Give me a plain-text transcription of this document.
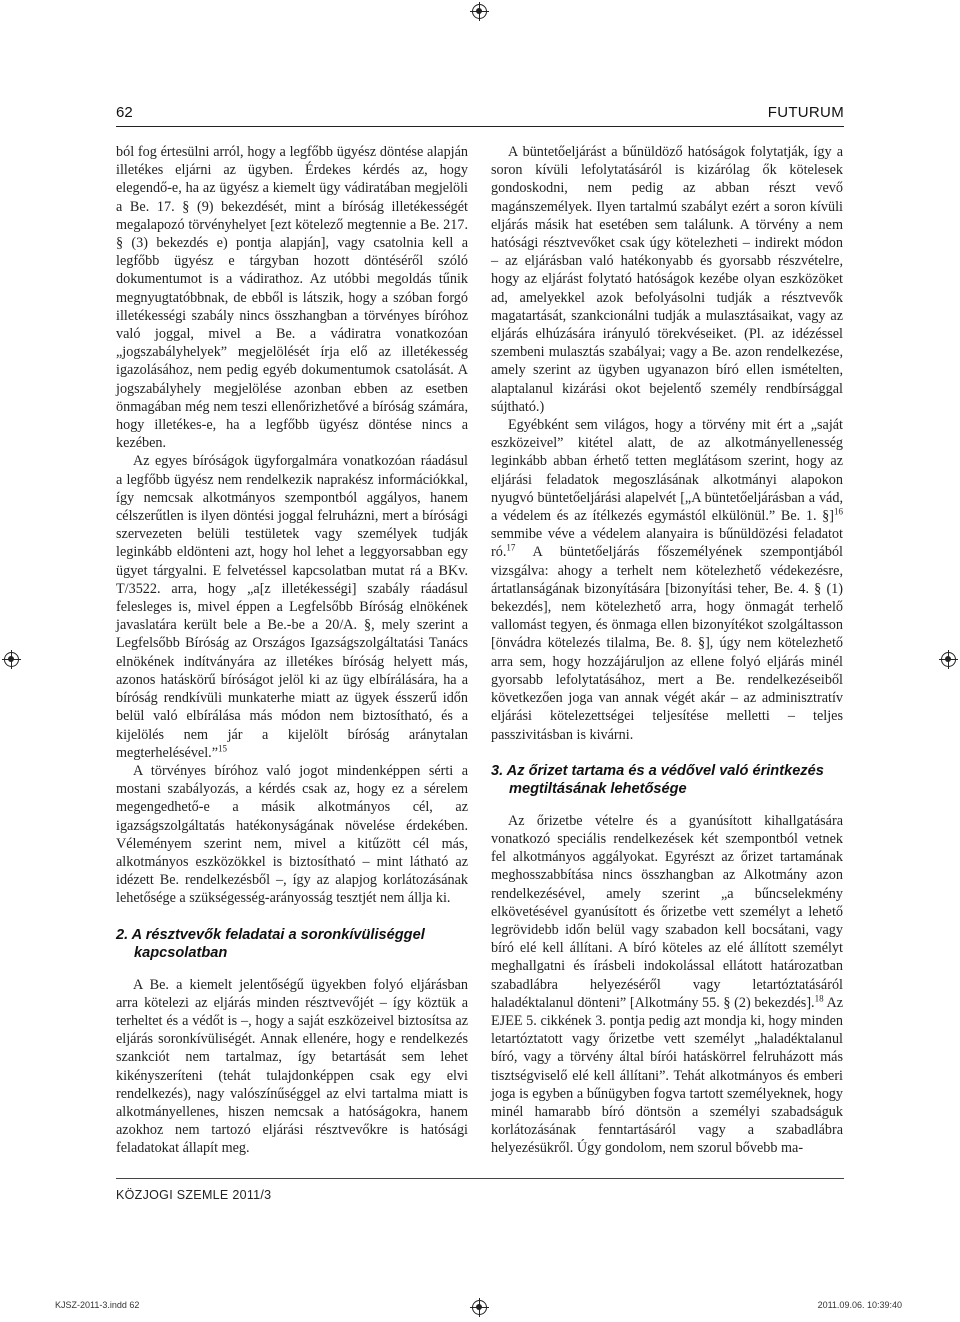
62	FUTURUM

ból fog értesülni arról, hogy a legfőbb ügyész döntése alapján illetékes eljárni az ügyben. Érdekes kérdés az, hogy elegendő-e, ha az ügyész a kiemelt ügy vádiratában megjelöli a Be. 17. § (9) bekezdését, mint a bíróság illetékességét megalapozó törvényhelyet [ezt kötelező megtennie a Be. 217. § (3) bekezdés e) pontja alapján], vagy csatolnia kell a legfőbb ügyész e tárgyban hozott döntéséről szóló dokumentumot is a vádirathoz. Az utóbbi megoldás tűnik megnyugtatóbbnak, de ebből is látszik, hogy a szóban forgó illetékességi szabály nincs összhangban a törvényes bíróhoz való joggal, mivel a Be. a vádiratra vonatkozóan „jogszabályhelyek” megjelölését írja elő az illetékesség igazolásához, nem pedig egyéb dokumentumok csatolását. A jogszabályhely megjelölése azonban ebben az esetben önmagában még nem teszi ellenőrizhetővé a bíróság számára, hogy illetékes-e, ha a legfőbb ügyész döntése nincs a kezében.

Az egyes bíróságok ügyforgalmára vonatkozóan ráadásul a legfőbb ügyész nem rendelkezik naprakész információkkal, így nemcsak alkotmányos szempontból aggályos, hanem célszerűtlen is ilyen döntési joggal felruházni, mert a bírósági szervezeten belüli testületek vagy személyek tudják leginkább eldönteni azt, hogy hol lehet a leggyorsabban egy ügyet tárgyalni. E felvetéssel kapcsolatban mutat rá a BKv. T/3522. arra, hogy „a[z illetékességi] szabály ráadásul felesleges is, mivel éppen a Legfelsőbb Bíróság elnökének javaslatára került bele a Be.-be a 20/A. §, mely szerint a Legfelsőbb Bíróság az Országos Igazságszolgáltatási Tanács elnökének indítványára az illetékes bíróság helyett más, azonos hatáskörű bíróságot jelöl ki az ügy elbírálására, ha a bíróság rendkívüli munkaterhe miatt az ügyek ésszerű időn belül való elbírálása más módon nem biztosítható, és a kijelölés nem jár a kijelölt bíróság aránytalan megterhelésével.”$^{15}$

A törvényes bíróhoz való jogot mindenképpen sérti a mostani szabályozás, a kérdés csak az, hogy ez a sérelem megengedhető-e a másik alkotmányos cél, az igazságszolgáltatás hatékonyságának növelése érdekében. Véleményem szerint nem, mivel a kitűzött cél más, alkotmányos eszközökkel is biztosítható – mint látható az idézett Be. rendelkezésből –, így az alapjog korlátozásának lehetősége a szükségesség-arányosság tesztjét nem állja ki.

2. A résztvevők feladatai a soronkívüliséggel kapcsolatban

A Be. a kiemelt jelentőségű ügyekben folyó eljárásban arra kötelezi az eljárás minden résztvevőjét – így köztük a terheltet és a védőt is –, hogy a saját eszközeivel biztosítsa az eljárás soronkívüliségét. Annak ellenére, hogy e rendelkezés szankciót nem tartalmaz, így betartását sem lehet kikényszeríteni (tehát tulajdonképpen csak egy elvi rendelkezés), nagy valószínűséggel az elvi tartalma miatt is alkotmányellenes, hiszen nemcsak a hatóságokra, hanem azokhoz nem tartozó eljárási résztvevőkre is hatósági feladatokat állapít meg.

A büntetőeljárást a bűnüldöző hatóságok folytatják, így a soron kívüli lefolytatásáról is kizárólag ők kötelesek gondoskodni, nem pedig az abban részt vevő magánszemélyek. Ilyen tartalmú szabályt ezért a soron kívüli eljárás másik hat esetében sem találunk. A törvény a nem hatósági résztvevőket csak úgy kötelezheti – indirekt módon – az eljárásban való hatékonyabb és gyorsabb részvételre, hogy az eljárást folytató hatóságok kezébe olyan eszközöket ad, amelyekkel azok befolyásolni tudják a résztvevők magatartását, szankcionálni tudják a mulasztásaikat, vagy az eljárás elhúzására irányuló törekvéseiket. (Pl. az idézéssel szembeni mulasztás szabályai; vagy a Be. azon rendelkezése, amely szerint az ügyben ugyanazon bíró ellen ismételten, alaptalanul kizárási okot bejelentő személy rendbírsággal sújtható.)

Egyébként sem világos, hogy a törvény mit ért a „saját eszközeivel” kitétel alatt, de az alkotmányellenesség leginkább abban érhető tetten meglátásom szerint, hogy az eljárási feladatok megoszlásának alkotmányi alapokon nyugvó büntetőeljárási alapelvét [„A büntetőeljárásban a vád, a védelem és az ítélkezés egymástól elkülönül.” Be. 1. §]$^{16}$ semmibe véve a védelem alanyaira is bűnüldözési feladatot ró.$^{17}$ A büntetőeljárás főszemélyének szempontjából vizsgálva: ahogy a terhelt nem kötelezhető védekezésre, ártatlanságának bizonyítására [bizonyítási teher, Be. 4. § (1) bekezdés], nem kötelezhető arra, hogy önmagát terhelő vallomást tegyen, és önmaga ellen bizonyítékot szolgáltasson [önvádra kötelezés tilalma, Be. 8. §], úgy nem kötelezhető arra sem, hogy hozzájáruljon az ellene folyó eljárás minél gyorsabb lefolytatásához, mert a Be. rendelkezéseiből következően joga van annak végét akár – az adminisztratív eljárási kötelezettségei teljesítése melletti – teljes passzivitásban is kivárni.

3. Az őrizet tartama és a védővel való érintkezés megtiltásának lehetősége

Az őrizetbe vételre és a gyanúsított kihallgatására vonatkozó speciális rendelkezések két szempontból vetnek fel alkotmányos aggályokat. Egyrészt az őrizet tartamának meghosszabbítása nincs összhangban az Alkotmány azon rendelkezésével, amely szerint „a bűncselekmény elkövetésével gyanúsított és őrizetbe vett személyt a lehető legrövidebb időn belül vagy szabadon kell bocsátani, vagy bíró elé kell állítani. A bíró köteles az elé állított személyt meghallgatni és írásbeli indokolással ellátott határozatban szabadlábra helyezéséről vagy letartóztatásáról haladéktalanul dönteni” [Alkotmány 55. § (2) bekezdés].$^{18}$ Az EJEE 5. cikkének 3. pontja pedig azt mondja ki, hogy minden letartóztatott vagy őrizetbe vett személyt „haladéktalanul bíró, vagy a törvény által bírói hatáskörrel felruházott más tisztségviselő elé kell állítani”. Tehát alkotmányos és emberi joga is egyben a bűnügyben fogva tartott személyeknek, hogy minél hamarabb bíró döntsön a személyi szabadságuk korlátozásának fenntartásáról vagy a szabadlábra helyezésükről. Úgy gondolom, nem szorul bővebb ma-

KÖZJOGI SZEMLE 2011/3
KJSZ-2011-3.indd 62	2011.09.06. 10:39:40
